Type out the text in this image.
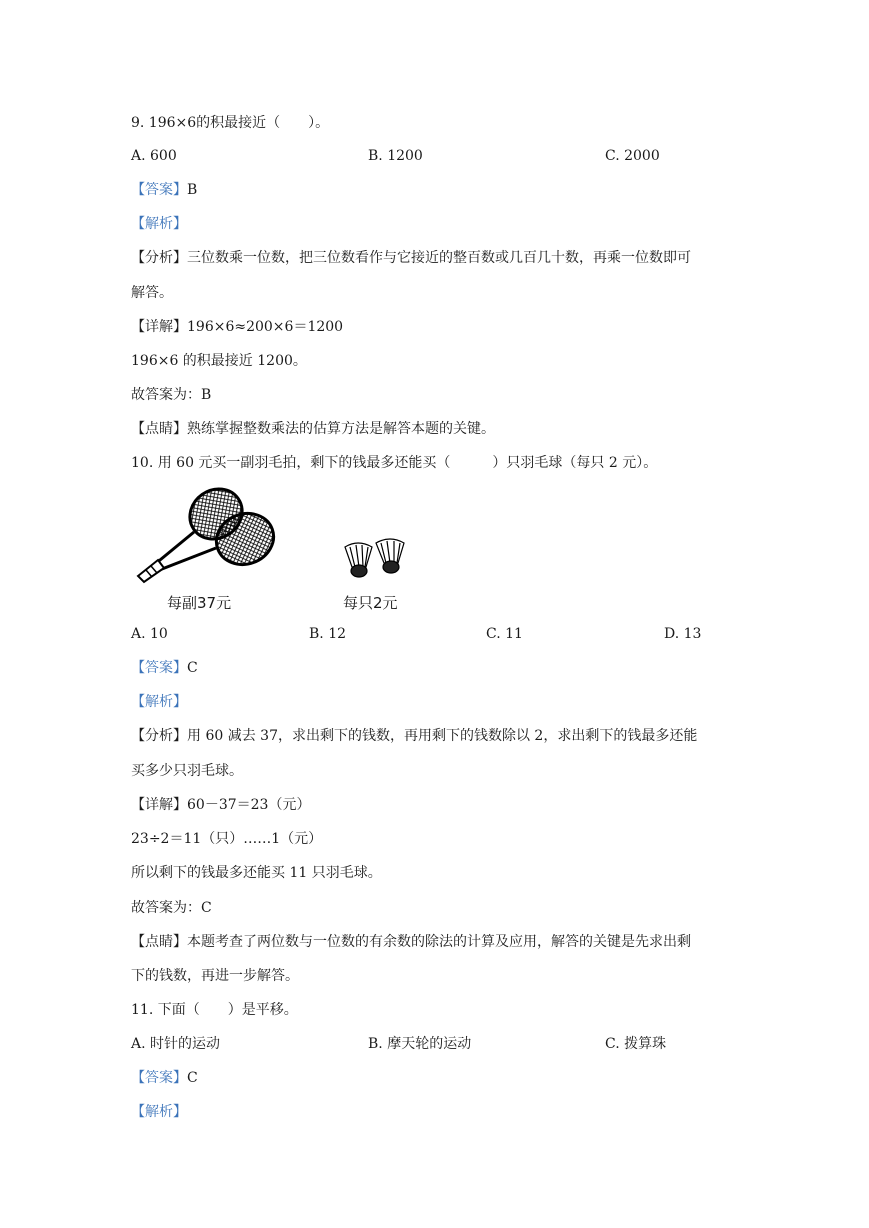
9. 196×6的积最接近（　　）。
A. 600	B. 1200	C. 2000
【答案】B
【解析】
【分析】三位数乘一位数，把三位数看作与它接近的整百数或几百几十数，再乘一位数即可
解答。
【详解】196×6≈200×6＝1200
196×6 的积最接近 1200。
故答案为：B
【点睛】熟练掌握整数乘法的估算方法是解答本题的关键。
10. 用 60 元买一副羽毛拍，剩下的钱最多还能买（　　　）只羽毛球（每只 2 元）。
每副37元	每只2元
A. 10	B. 12	C. 11	D. 13
【答案】C
【解析】
【分析】用 60 减去 37，求出剩下的钱数，再用剩下的钱数除以 2，求出剩下的钱最多还能
买多少只羽毛球。
【详解】60－37＝23（元）
23÷2＝11（只）……1（元）
所以剩下的钱最多还能买 11 只羽毛球。
故答案为：C
【点睛】本题考查了两位数与一位数的有余数的除法的计算及应用，解答的关键是先求出剩
下的钱数，再进一步解答。
11. 下面（　　）是平移。
A. 时针的运动	B. 摩天轮的运动	C. 拨算珠
【答案】C
【解析】
